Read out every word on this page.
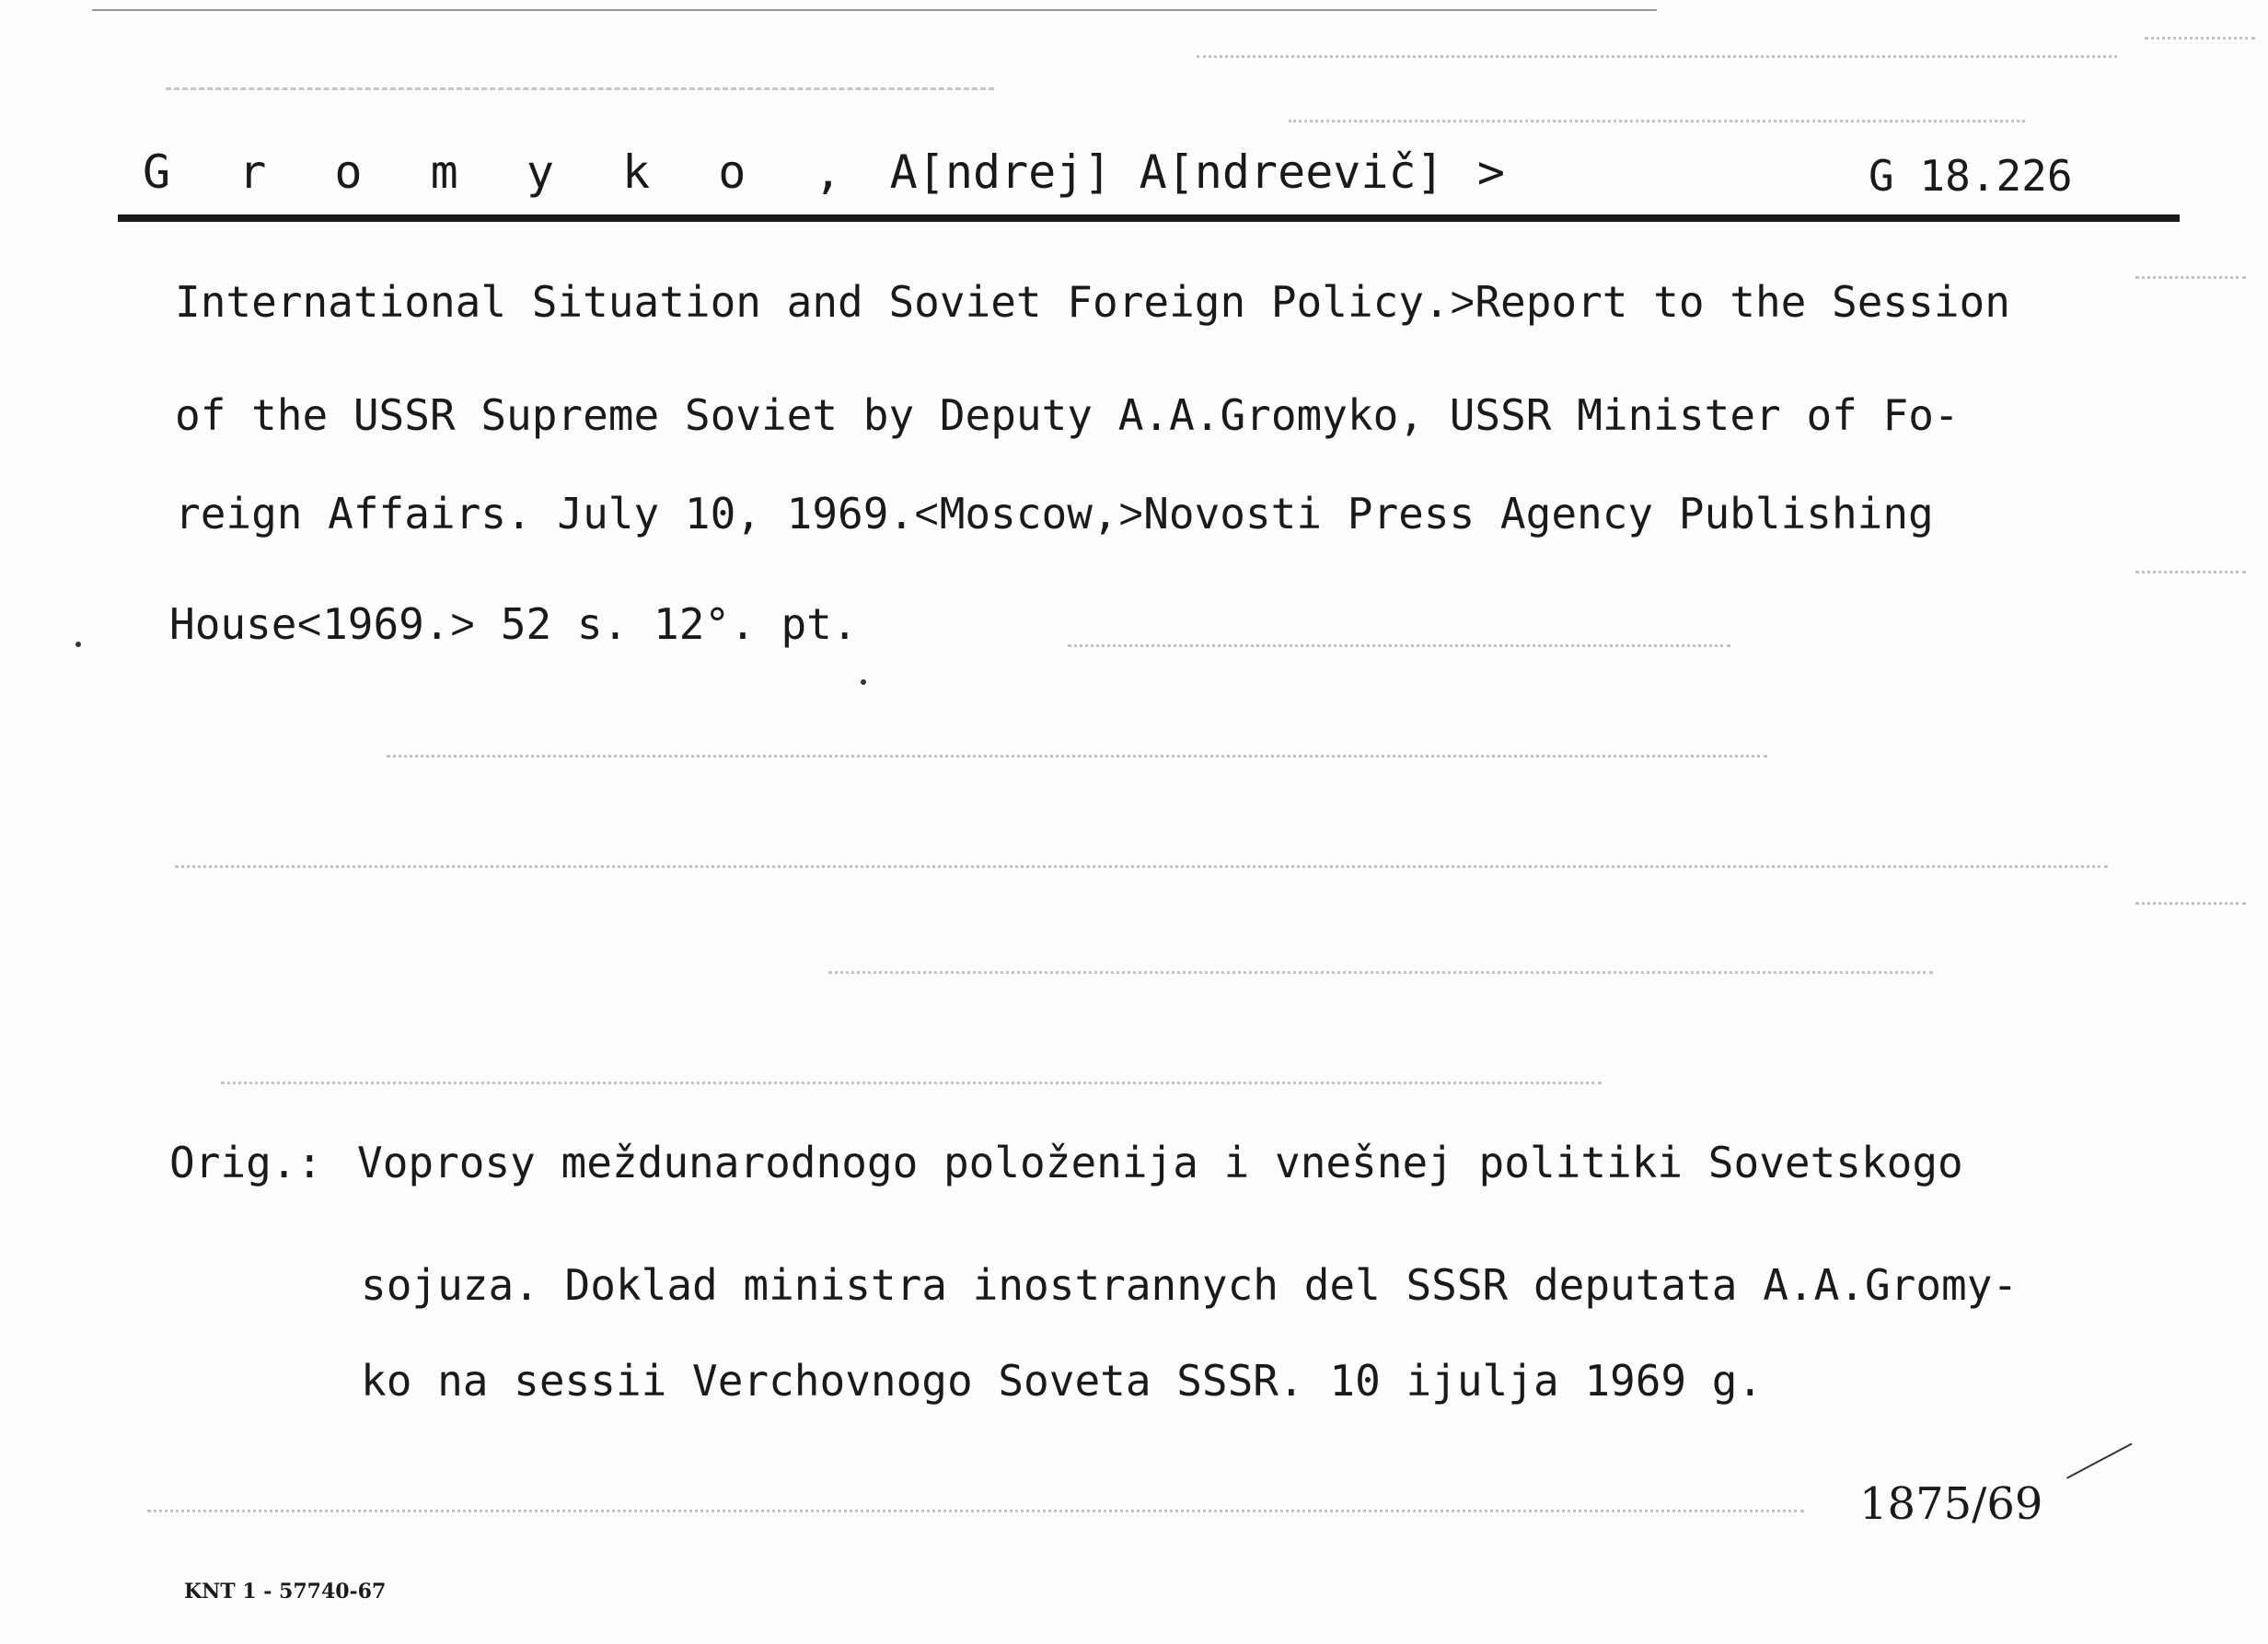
G r o m y k o , A[ndrej] A[ndreevič] >	G 18.226
International Situation and Soviet Foreign Policy.˃Report to the Session
of the USSR Supreme Soviet by Deputy A.A.Gromyko, USSR Minister of Fo-
reign Affairs. July 10, 1969.˂Moscow,˃Novosti Press Agency Publishing
House˂1969.˃ 52 s. 12°. pt.
Orig.: Voprosy meždunarodnogo položenija i vnešnej politiki Sovetskogo
sojuza. Doklad ministra inostrannych del SSSR deputata A.A.Gromy-
ko na sessii Verchovnogo Soveta SSSR. 10 ijulja 1969 g.
1875/69
KNT 1 - 57740-67
